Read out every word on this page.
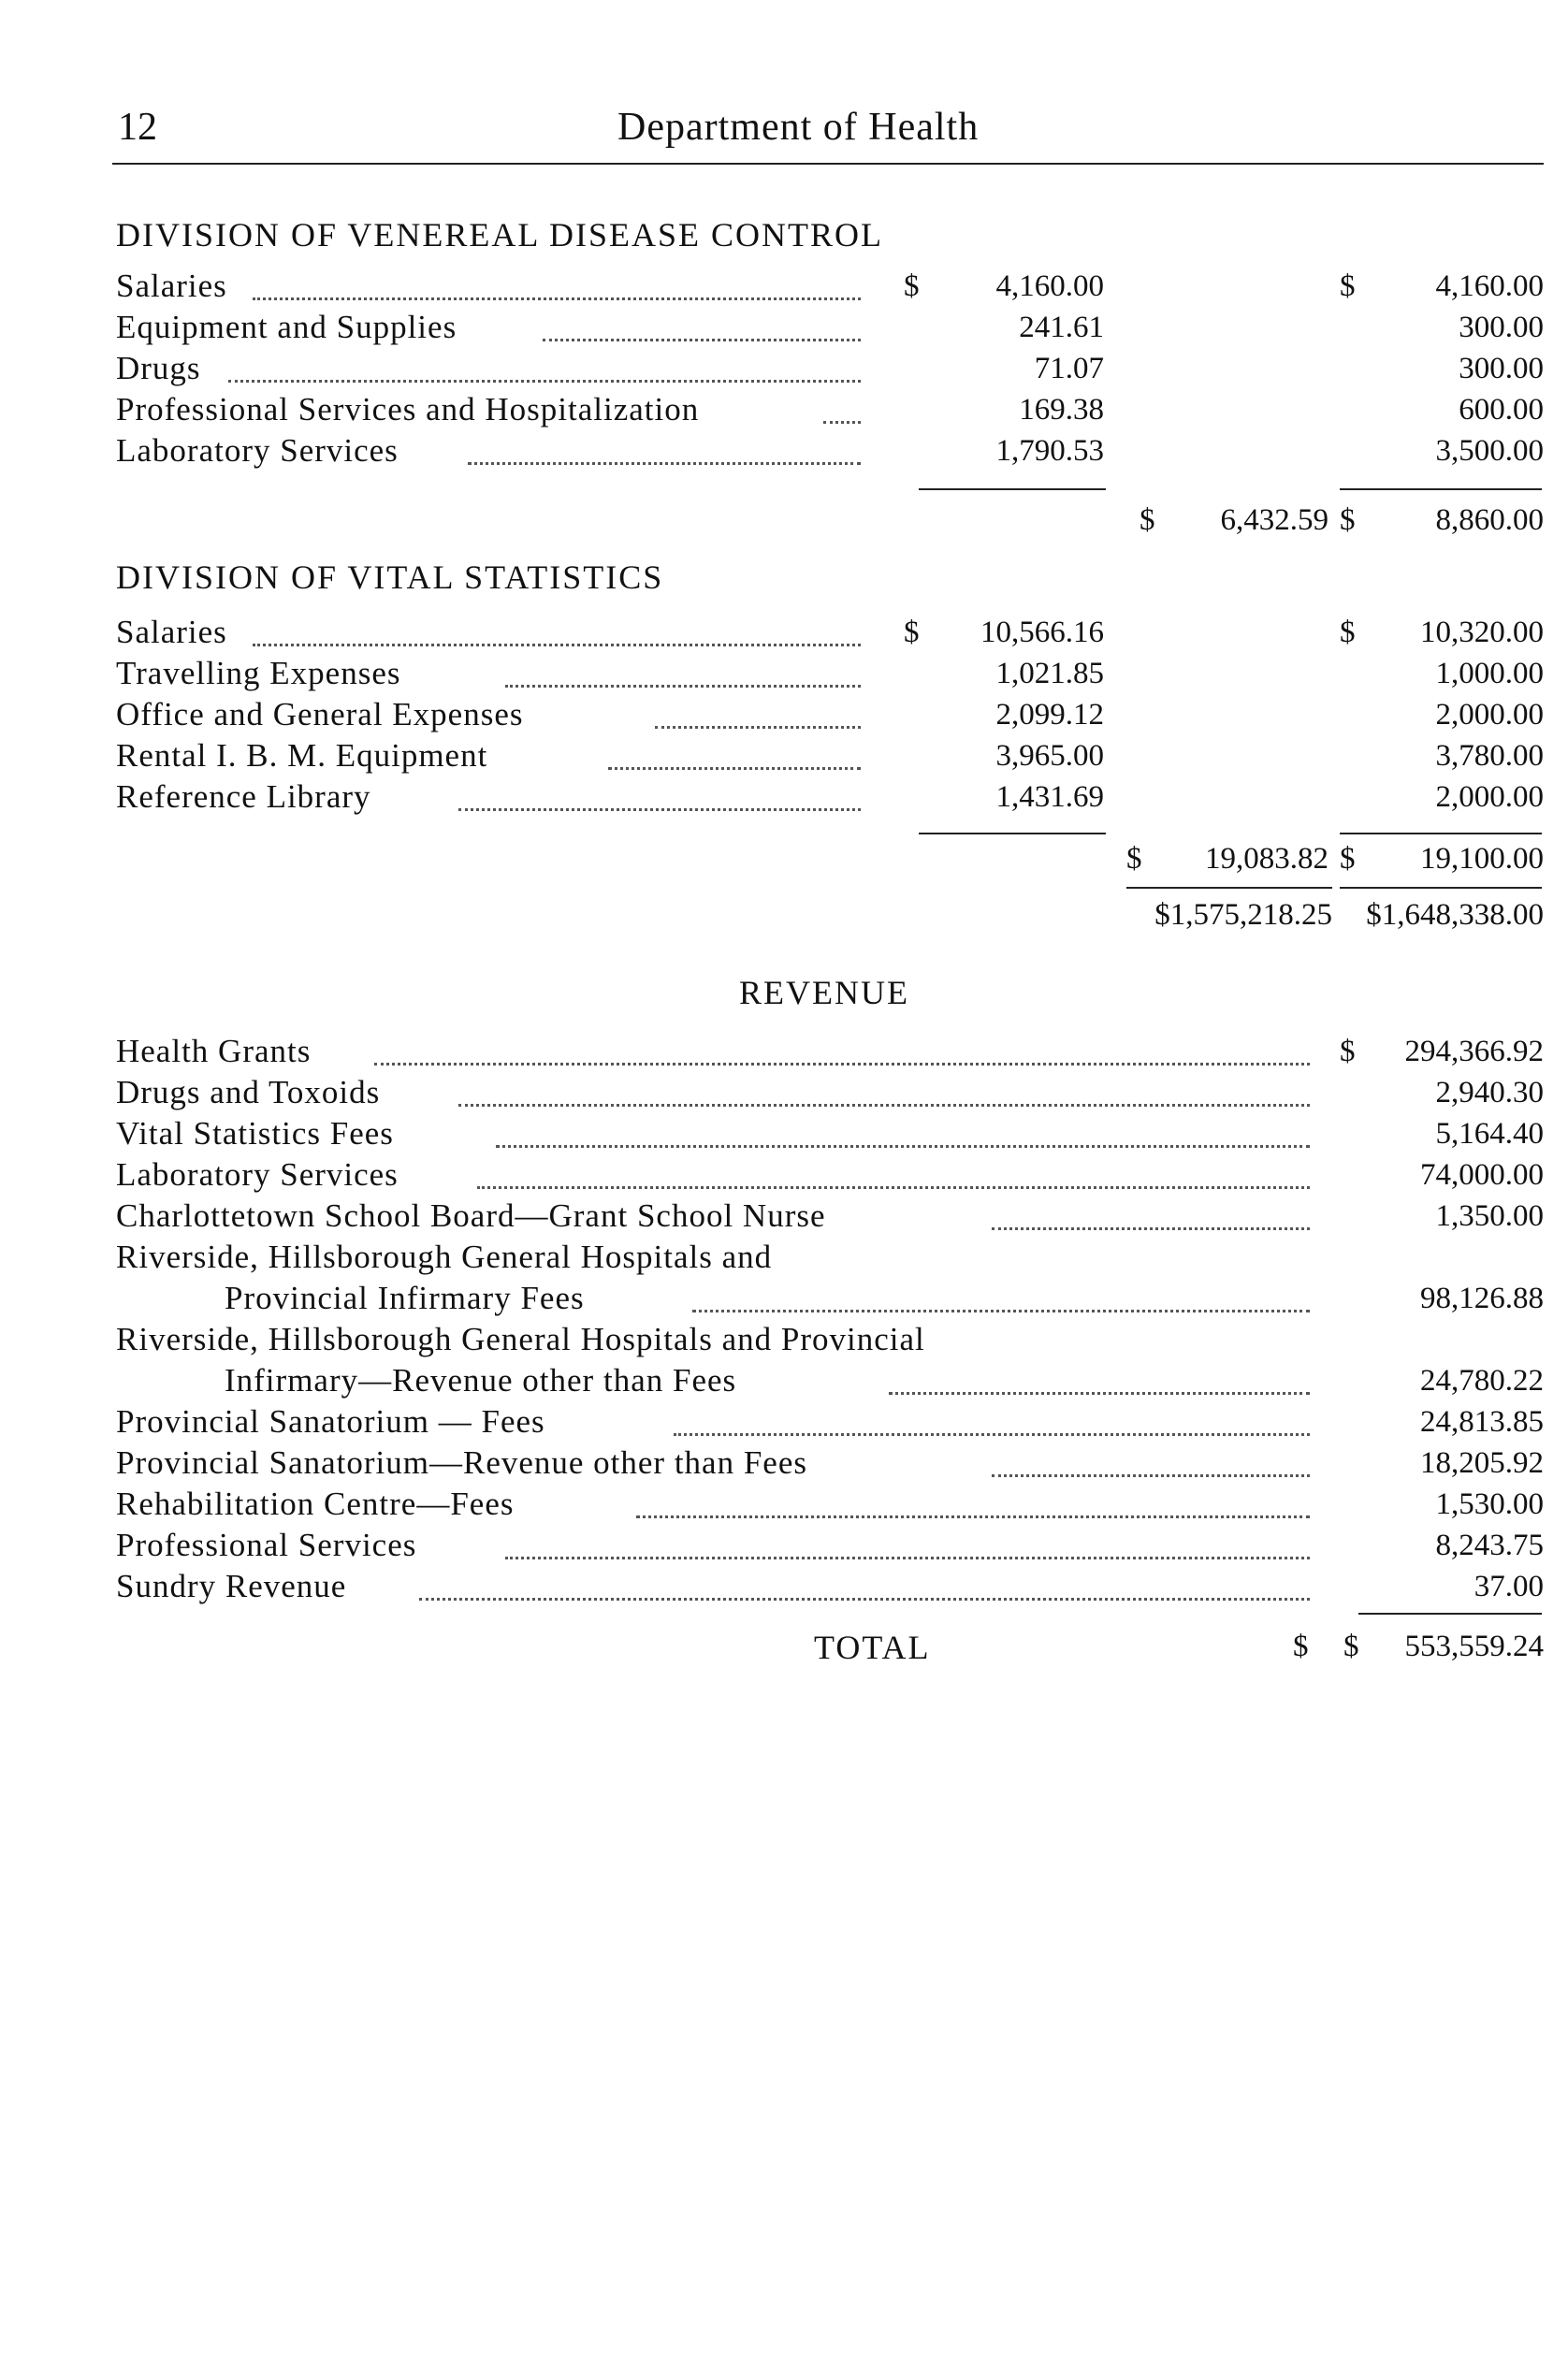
12	Department of Health
DIVISION OF VENEREAL DISEASE CONTROL
Salaries	$	4,160.00	$	4,160.00
Equipment and Supplies	241.61	300.00
Drugs	71.07	300.00
Professional Services and Hospitalization	169.38	600.00
Laboratory Services	1,790.53	3,500.00
$	6,432.59 $	8,860.00
DIVISION OF VITAL STATISTICS
Salaries	$	10,566.16	$	10,320.00
Travelling Expenses	1,021.85	1,000.00
Office and General Expenses	2,099.12	2,000.00
Rental I. B. M. Equipment	3,965.00	3,780.00
Reference Library	1,431.69	2,000.00
$	19,083.82 $	19,100.00
$1,575,218.25	$1,648,338.00
REVENUE
Health Grants	$	294,366.92
Drugs and Toxoids	2,940.30
Vital Statistics Fees	5,164.40
Laboratory Services	74,000.00
Charlottetown School Board—Grant School Nurse	1,350.00
Riverside, Hillsborough General Hospitals and
Provincial Infirmary Fees	98,126.88
Riverside, Hillsborough General Hospitals and Provincial
Infirmary—Revenue other than Fees	24,780.22
Provincial Sanatorium — Fees	24,813.85
Provincial Sanatorium—Revenue other than Fees	18,205.92
Rehabilitation Centre—Fees	1,530.00
Professional Services	8,243.75
Sundry Revenue	37.00
TOTAL	$ $	553,559.24
